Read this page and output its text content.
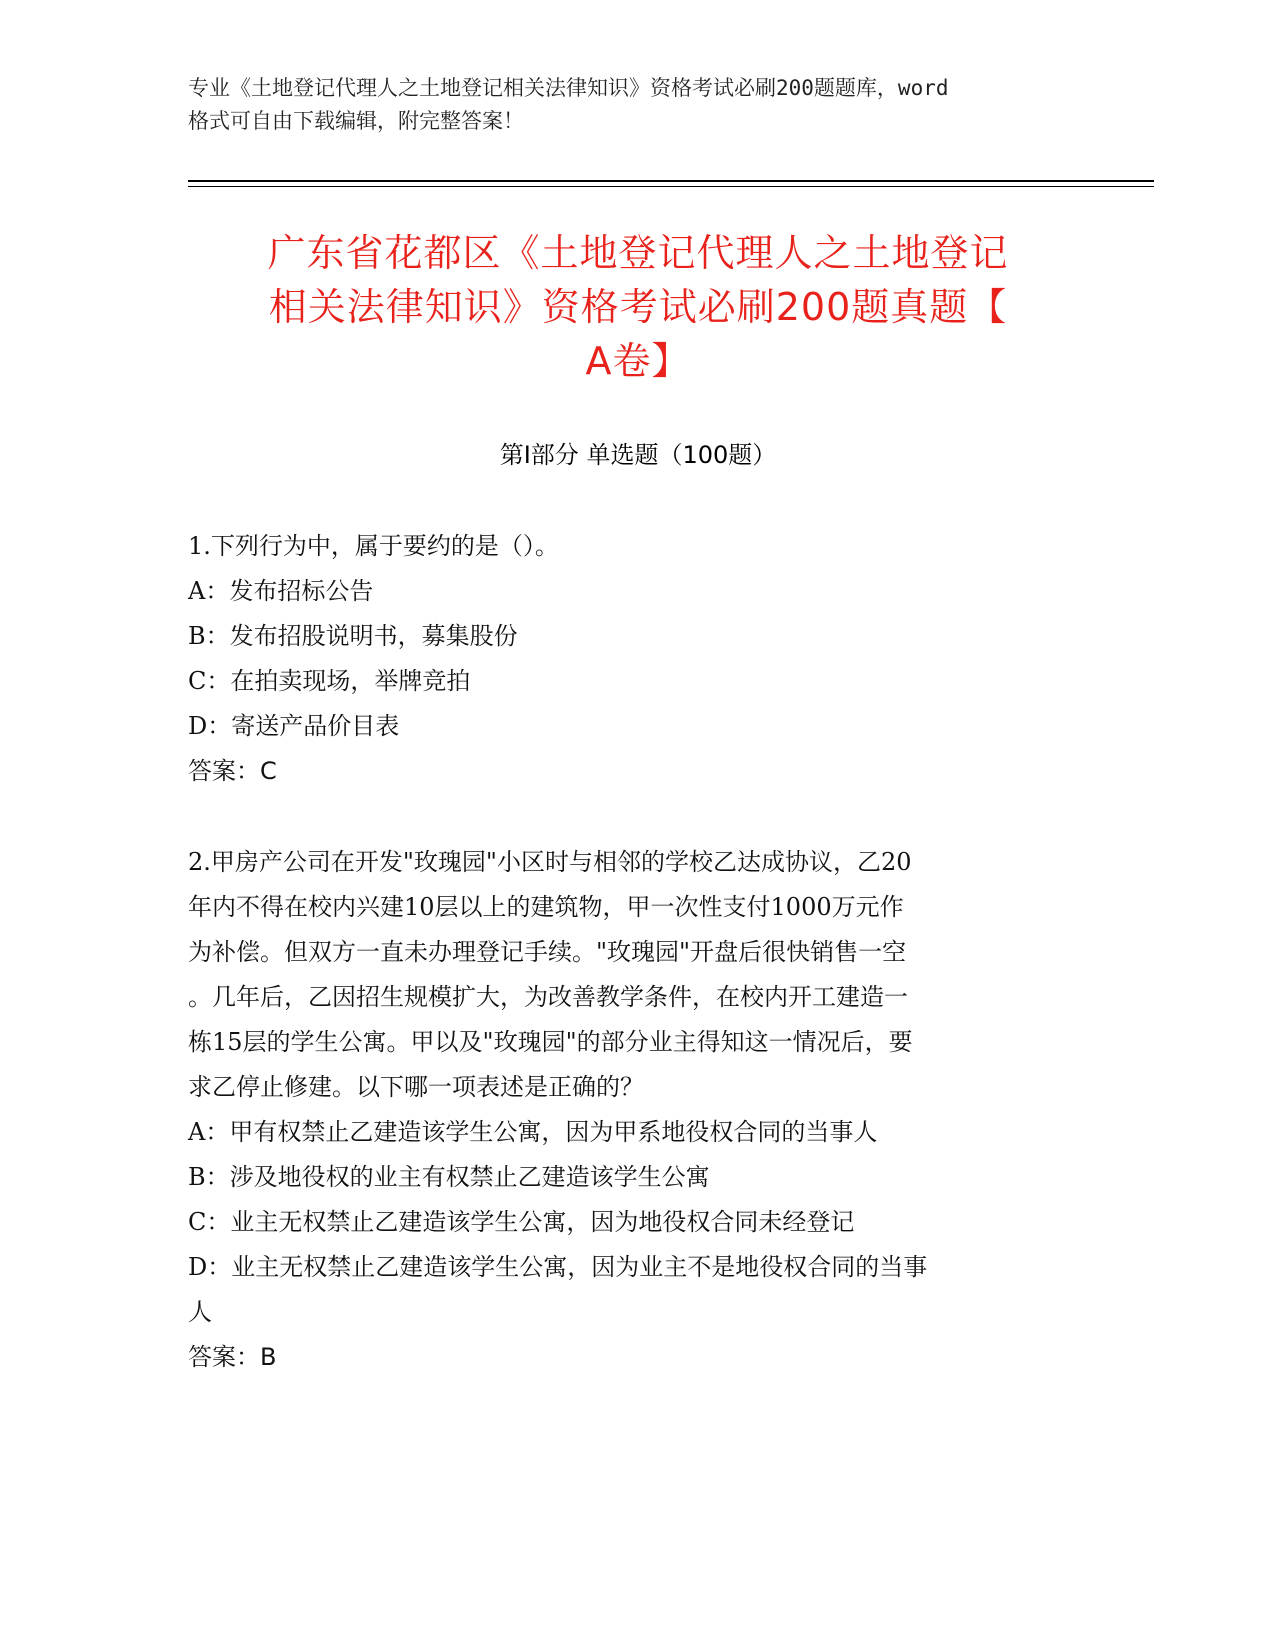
专业《土地登记代理人之土地登记相关法律知识》资格考试必刷200题题库，word
格式可自由下载编辑，附完整答案！
广东省花都区《土地登记代理人之土地登记
相关法律知识》资格考试必刷200题真题【
A卷】
第Ⅰ部分 单选题（100题）
1.下列行为中，属于要约的是（）。
A：发布招标公告
B：发布招股说明书，募集股份
C：在拍卖现场，举牌竞拍
D：寄送产品价目表
答案：C
2.甲房产公司在开发"玫瑰园"小区时与相邻的学校乙达成协议，乙20
年内不得在校内兴建10层以上的建筑物，甲一次性支付1000万元作
为补偿。但双方一直未办理登记手续。"玫瑰园"开盘后很快销售一空
。几年后，乙因招生规模扩大，为改善教学条件，在校内开工建造一
栋15层的学生公寓。甲以及"玫瑰园"的部分业主得知这一情况后，要
求乙停止修建。以下哪一项表述是正确的？
A：甲有权禁止乙建造该学生公寓，因为甲系地役权合同的当事人
B：涉及地役权的业主有权禁止乙建造该学生公寓
C：业主无权禁止乙建造该学生公寓，因为地役权合同未经登记
D：业主无权禁止乙建造该学生公寓，因为业主不是地役权合同的当事
人
答案：B
